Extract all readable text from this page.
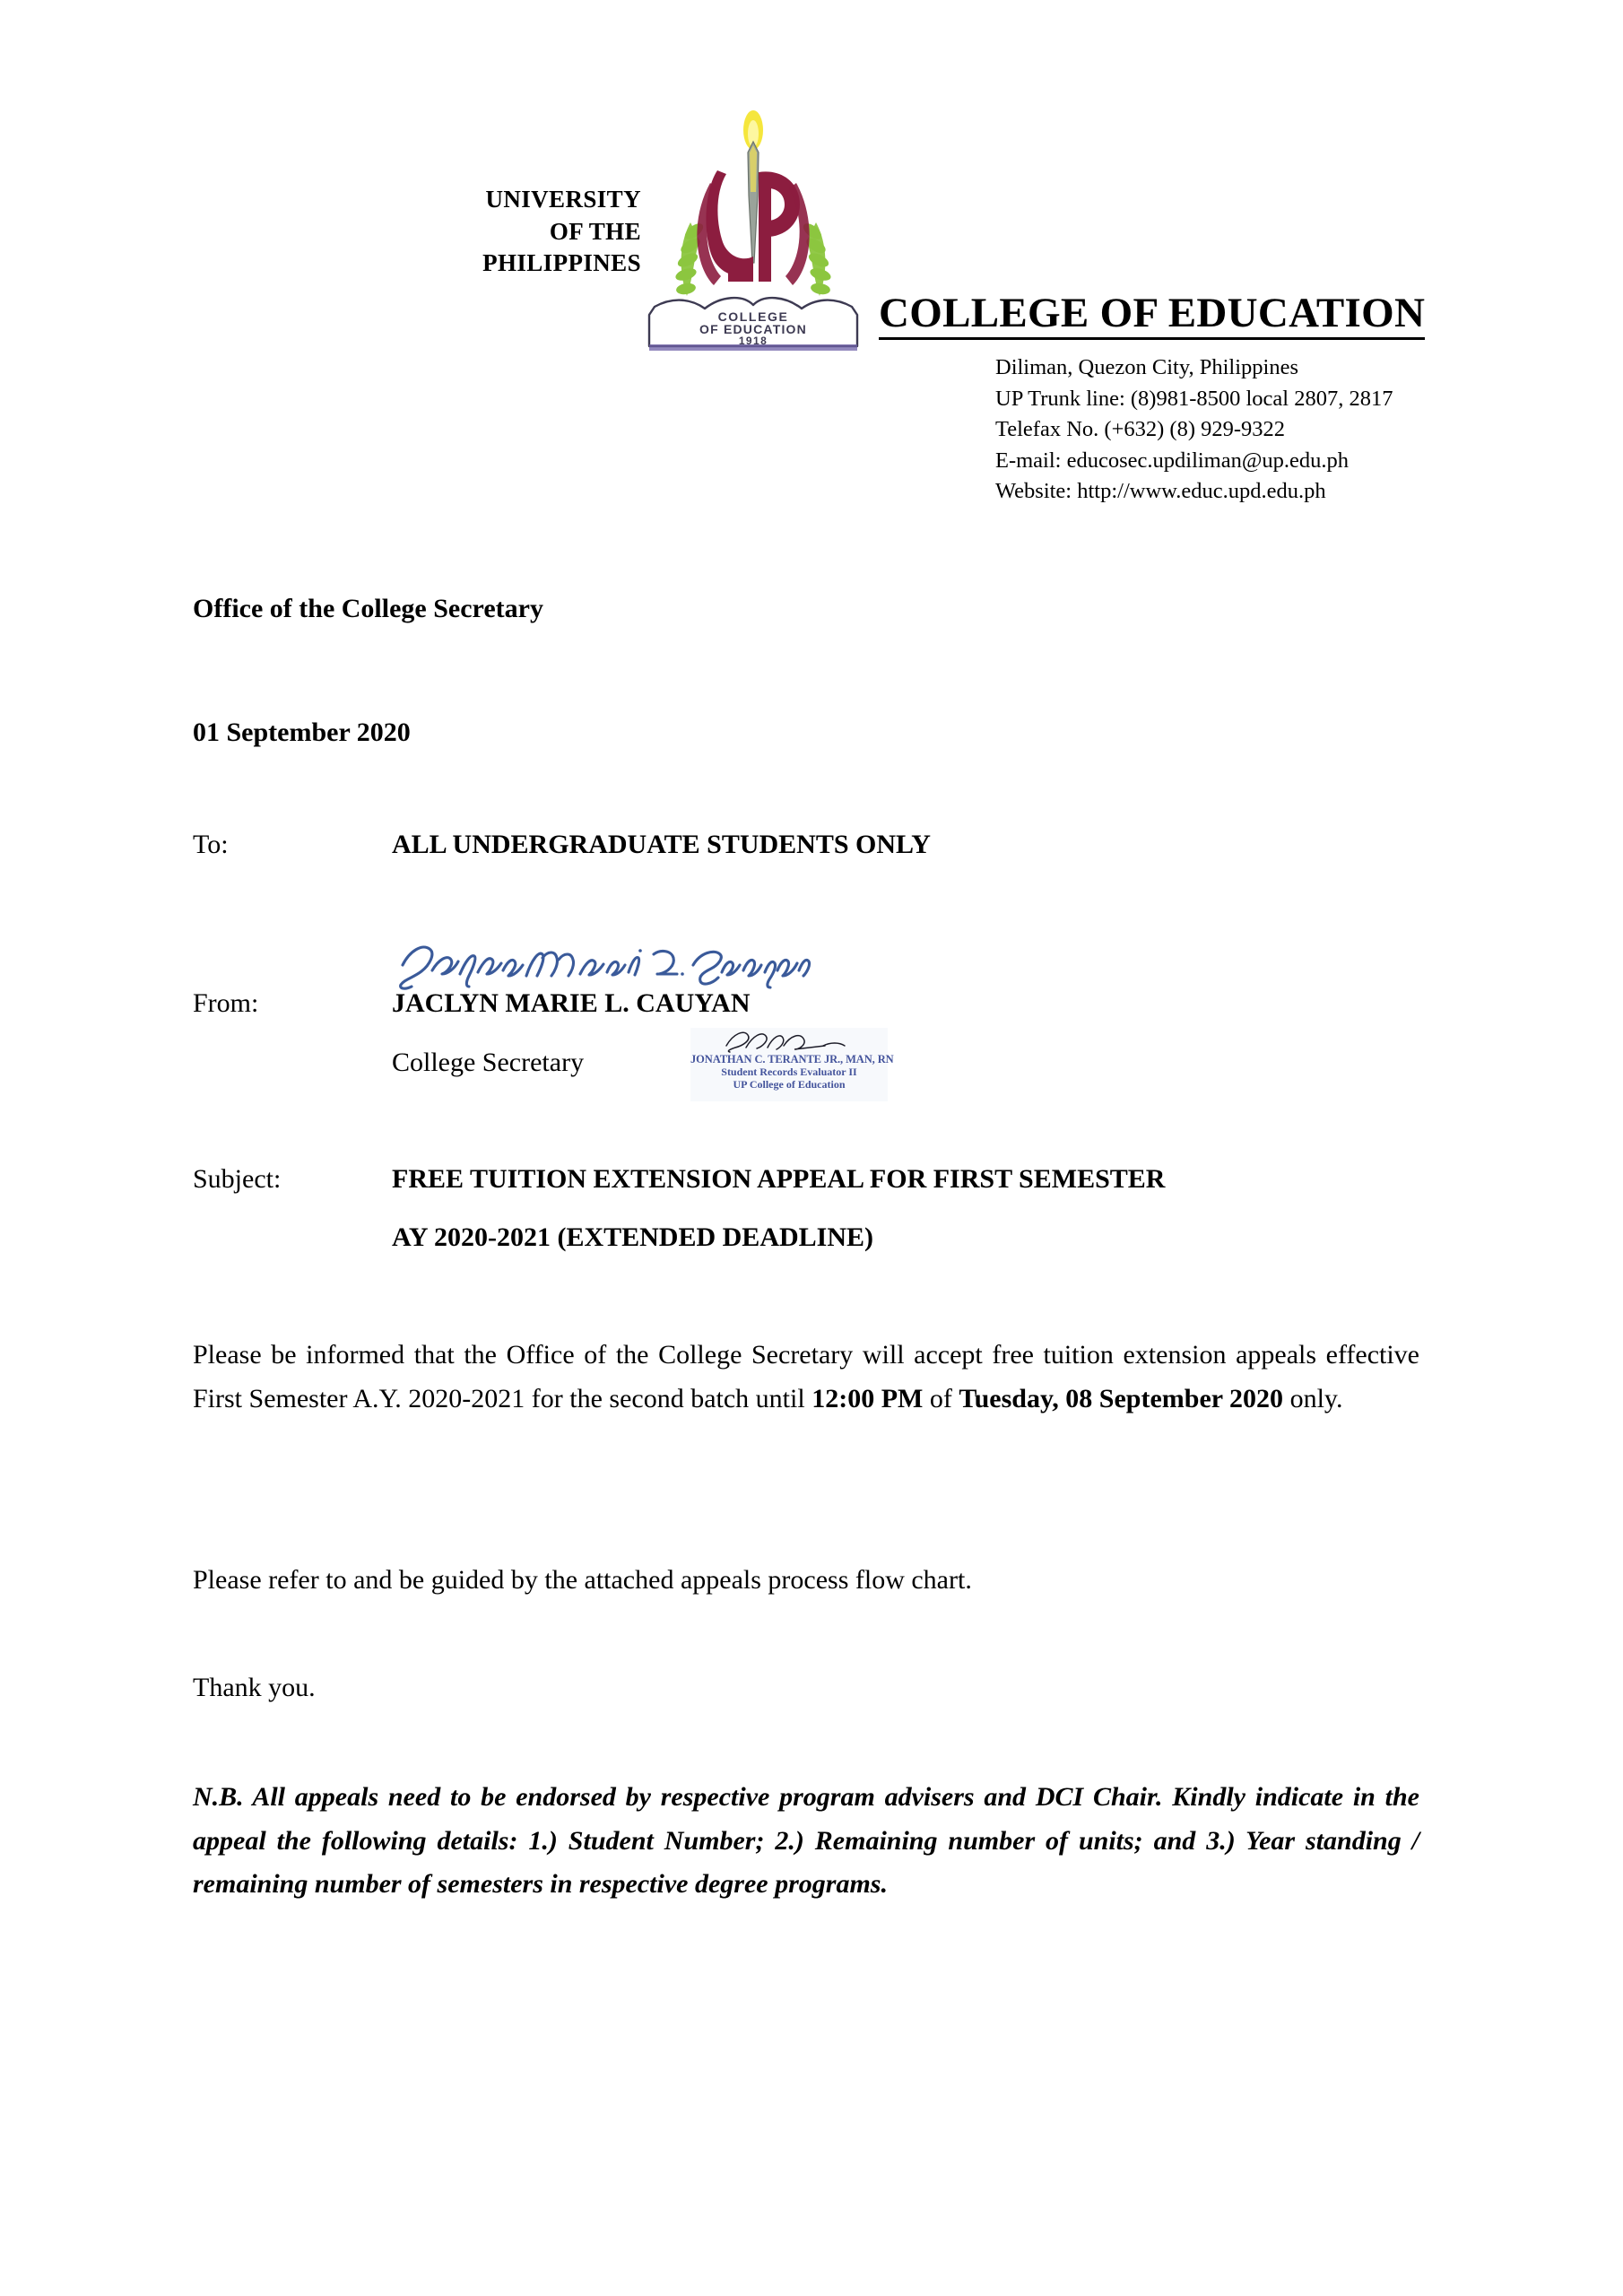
UNIVERSITY
OF THE
PHILIPPINES
COLLEGE
OF EDUCATION
1918
COLLEGE OF EDUCATION
Diliman, Quezon City, Philippines
UP Trunk line: (8)981-8500 local 2807, 2817
Telefax No. (+632) (8) 929-9322
E-mail: educosec.updiliman@up.edu.ph
Website: http://www.educ.upd.edu.ph
Office of the College Secretary
01 September 2020
To:	ALL UNDERGRADUATE STUDENTS ONLY
From:	JACLYN MARIE L. CAUYAN
College Secretary	JONATHAN C. TERANTE JR., MAN, RN
Student Records Evaluator II
UP College of Education
Subject:	FREE TUITION EXTENSION APPEAL FOR FIRST SEMESTER
AY 2020-2021 (EXTENDED DEADLINE)
Please be informed that the Office of the College Secretary will accept free tuition extension appeals effective First Semester A.Y. 2020-2021 for the second batch until 12:00 PM of Tuesday, 08 September 2020 only.
Please refer to and be guided by the attached appeals process flow chart.
Thank you.
N.B. All appeals need to be endorsed by respective program advisers and DCI Chair. Kindly indicate in the appeal the following details: 1.) Student Number; 2.) Remaining number of units; and 3.) Year standing / remaining number of semesters in respective degree programs.
